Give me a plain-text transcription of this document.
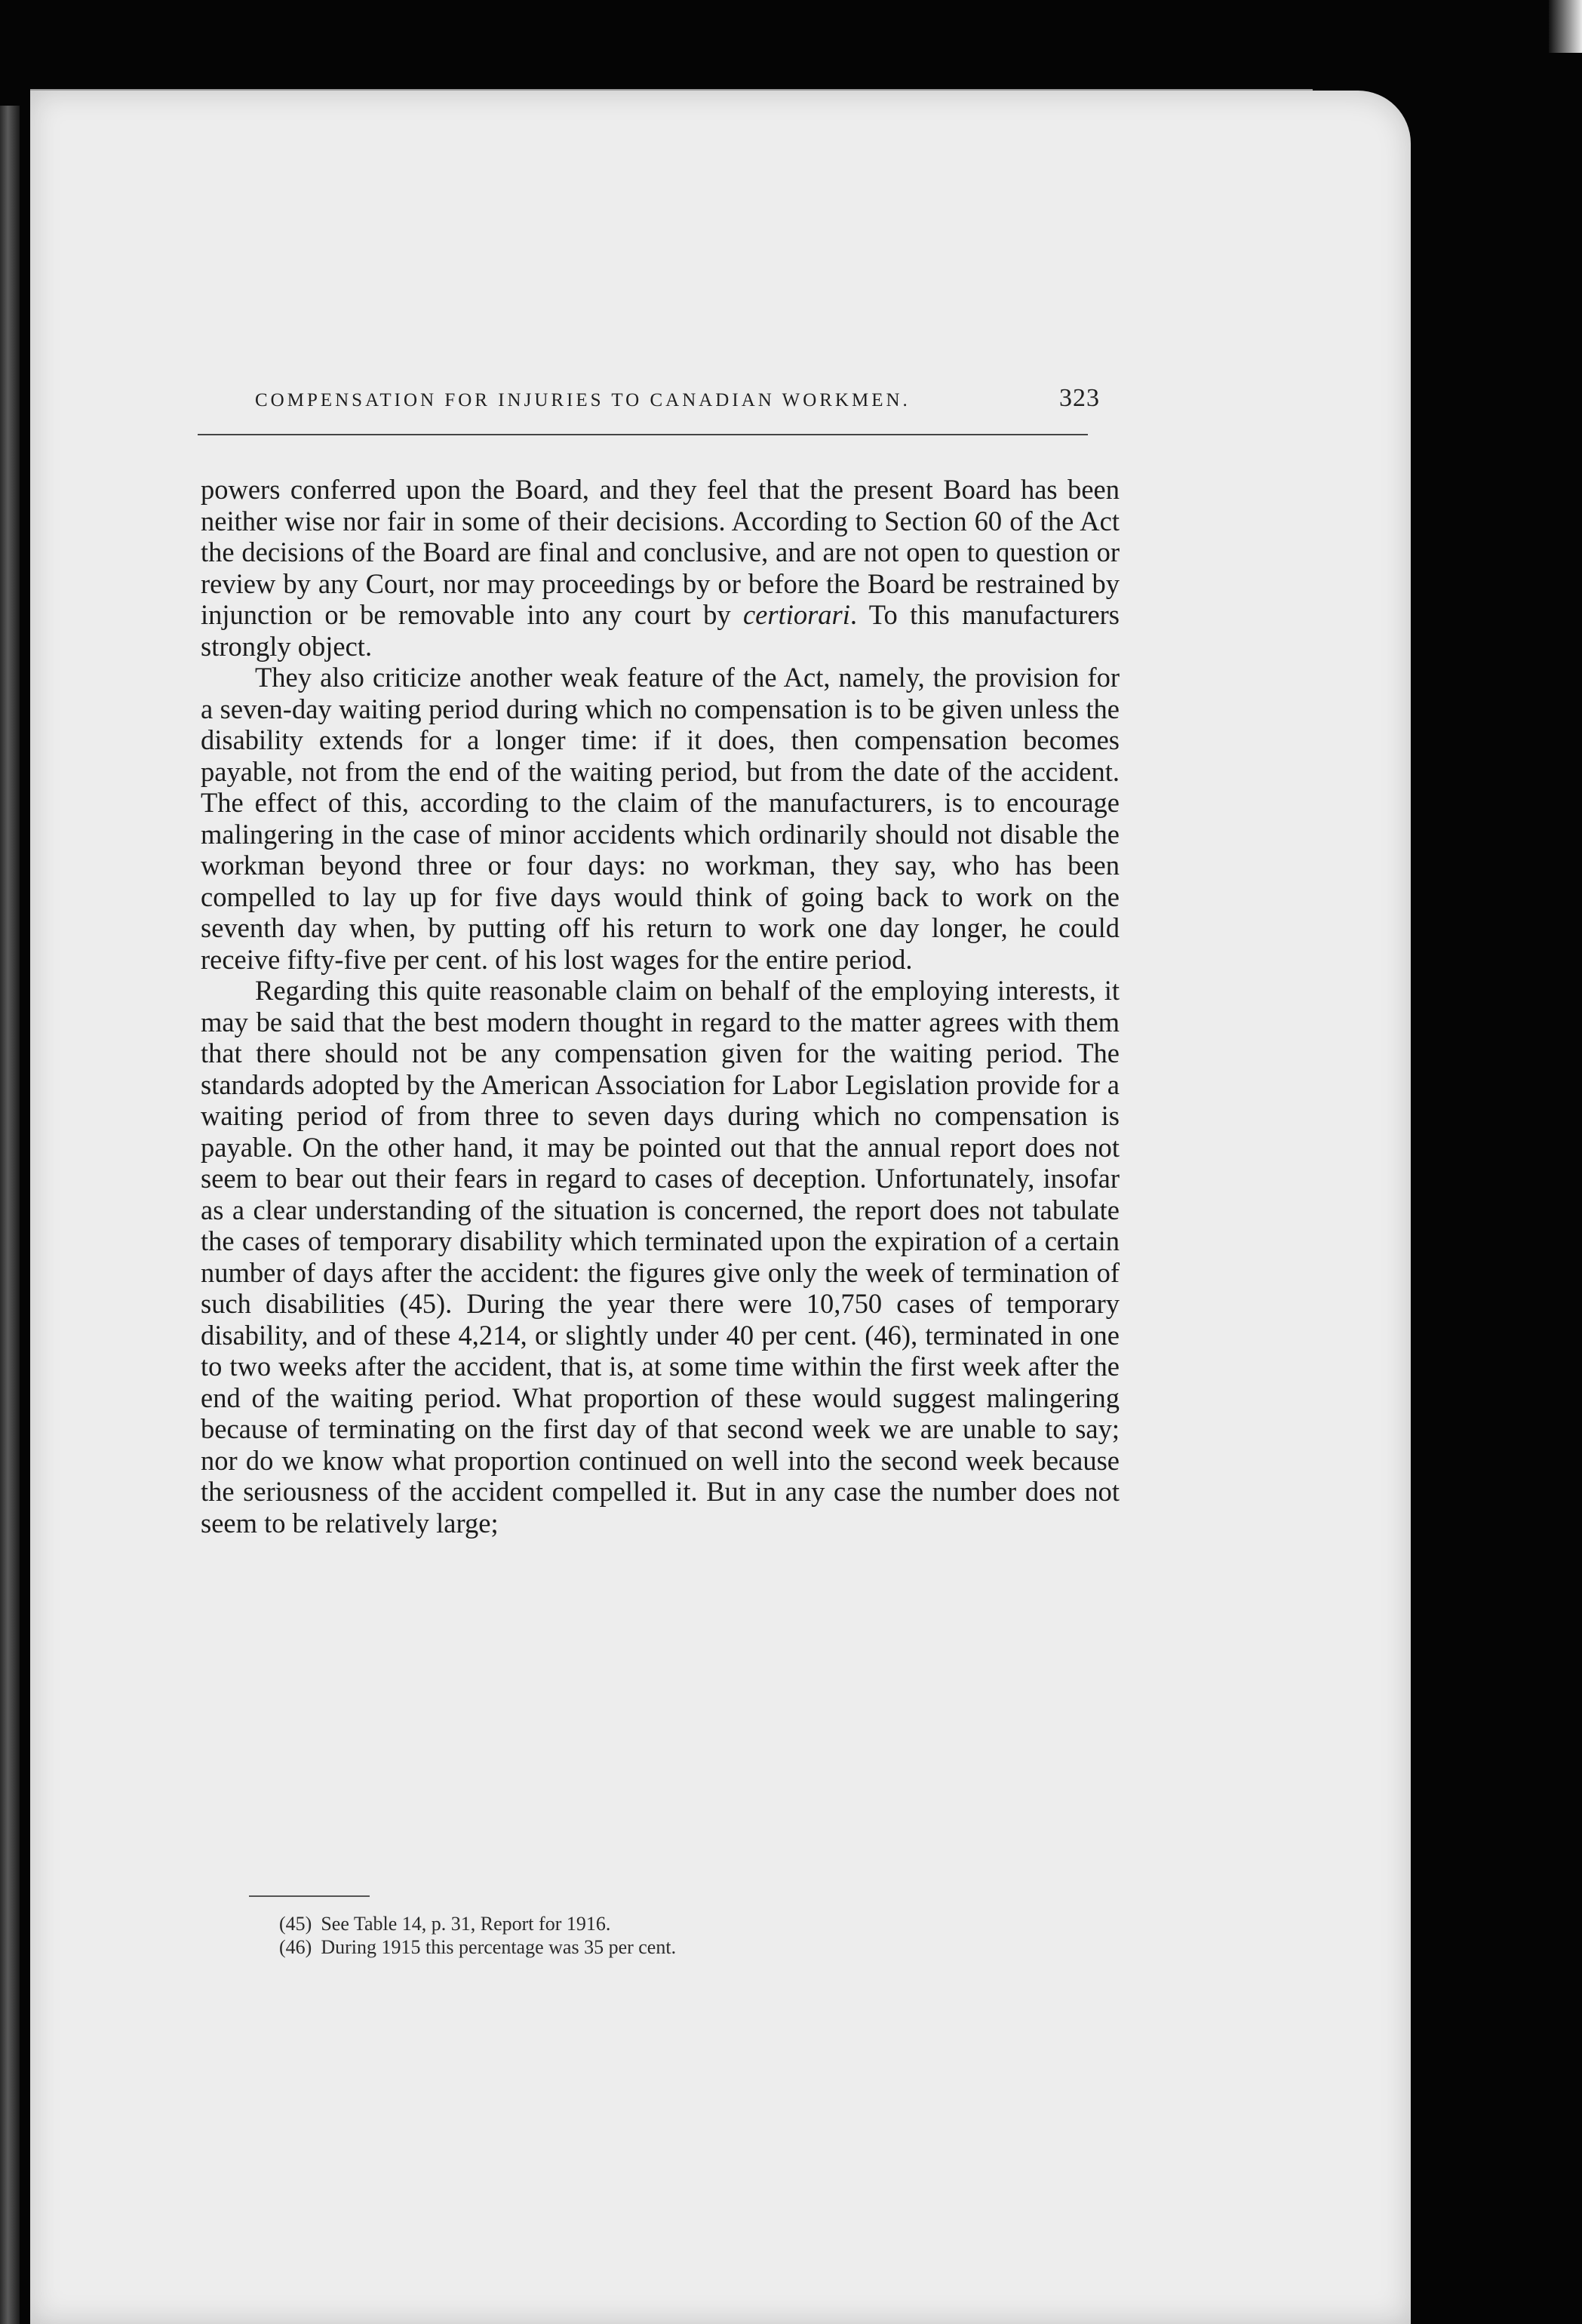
COMPENSATION FOR INJURIES TO CANADIAN WORKMEN.	323

powers conferred upon the Board, and they feel that the present Board has been neither wise nor fair in some of their decisions. According to Section 60 of the Act the decisions of the Board are final and conclusive, and are not open to question or review by any Court, nor may proceedings by or before the Board be restrained by injunction or be removable into any court by certiorari. To this manufacturers strongly object.

They also criticize another weak feature of the Act, namely, the provision for a seven-day waiting period during which no compensation is to be given unless the disability extends for a longer time: if it does, then compensation becomes payable, not from the end of the waiting period, but from the date of the accident. The effect of this, according to the claim of the manufacturers, is to encourage malingering in the case of minor accidents which ordinarily should not disable the workman beyond three or four days: no workman, they say, who has been compelled to lay up for five days would think of going back to work on the seventh day when, by putting off his return to work one day longer, he could receive fifty-five per cent. of his lost wages for the entire period.

Regarding this quite reasonable claim on behalf of the employing interests, it may be said that the best modern thought in regard to the matter agrees with them that there should not be any compensation given for the waiting period. The standards adopted by the American Association for Labor Legislation provide for a waiting period of from three to seven days during which no compensation is payable. On the other hand, it may be pointed out that the annual report does not seem to bear out their fears in regard to cases of deception. Unfortunately, insofar as a clear understanding of the situation is concerned, the report does not tabulate the cases of temporary disability which terminated upon the expiration of a certain number of days after the accident: the figures give only the week of termination of such disabilities (45). During the year there were 10,750 cases of temporary disability, and of these 4,214, or slightly under 40 per cent. (46), terminated in one to two weeks after the accident, that is, at some time within the first week after the end of the waiting period. What proportion of these would suggest malingering because of terminating on the first day of that second week we are unable to say; nor do we know what proportion continued on well into the second week because the seriousness of the accident compelled it. But in any case the number does not seem to be relatively large;

(45) See Table 14, p. 31, Report for 1916.
(46) During 1915 this percentage was 35 per cent.
